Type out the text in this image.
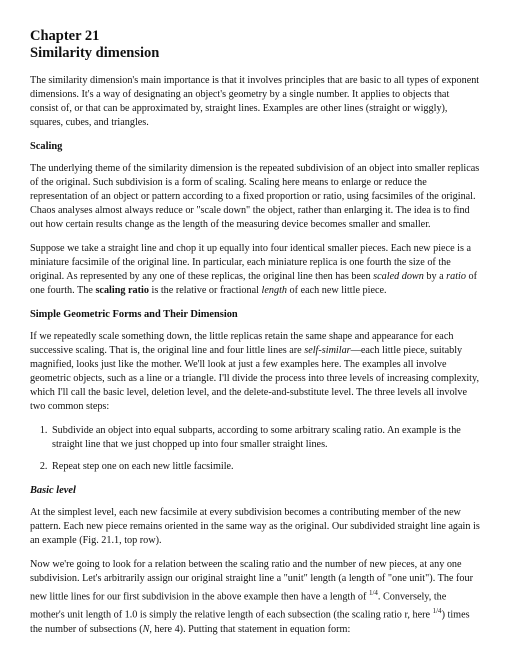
Chapter 21
Similarity dimension

The similarity dimension's main importance is that it involves principles that are basic to all types of exponent dimensions. It's a way of designating an object's geometry by a single number. It applies to objects that consist of, or that can be approximated by, straight lines. Examples are other lines (straight or wiggly), squares, cubes, and triangles.

Scaling

The underlying theme of the similarity dimension is the repeated subdivision of an object into smaller replicas of the original. Such subdivision is a form of scaling. Scaling here means to enlarge or reduce the representation of an object or pattern according to a fixed proportion or ratio, using facsimiles of the original. Chaos analyses almost always reduce or "scale down" the object, rather than enlarging it. The idea is to find out how certain results change as the length of the measuring device becomes smaller and smaller.

Suppose we take a straight line and chop it up equally into four identical smaller pieces. Each new piece is a miniature facsimile of the original line. In particular, each miniature replica is one fourth the size of the original. As represented by any one of these replicas, the original line then has been scaled down by a ratio of one fourth. The scaling ratio is the relative or fractional length of each new little piece.

Simple Geometric Forms and Their Dimension

If we repeatedly scale something down, the little replicas retain the same shape and appearance for each successive scaling. That is, the original line and four little lines are self-similar—each little piece, suitably magnified, looks just like the mother. We'll look at just a few examples here. The examples all involve geometric objects, such as a line or a triangle. I'll divide the process into three levels of increasing complexity, which I'll call the basic level, deletion level, and the delete-and-substitute level. The three levels all involve two common steps:

1. Subdivide an object into equal subparts, according to some arbitrary scaling ratio. An example is the straight line that we just chopped up into four smaller straight lines.
2. Repeat step one on each new little facsimile.
Basic level

At the simplest level, each new facsimile at every subdivision becomes a contributing member of the new pattern. Each new piece remains oriented in the same way as the original. Our subdivided straight line again is an example (Fig. 21.1, top row).

Now we're going to look for a relation between the scaling ratio and the number of new pieces, at any one subdivision. Let's arbitrarily assign our original straight line a "unit" length (a length of "one unit"). The four new little lines for our first subdivision in the above example then have a length of $^{1/4}$. Conversely, the mother's unit length of 1.0 is simply the relative length of each subsection (the scaling ratio r, here $^{1/4}$) times the number of subsections (N, here 4). Putting that statement in equation form:
